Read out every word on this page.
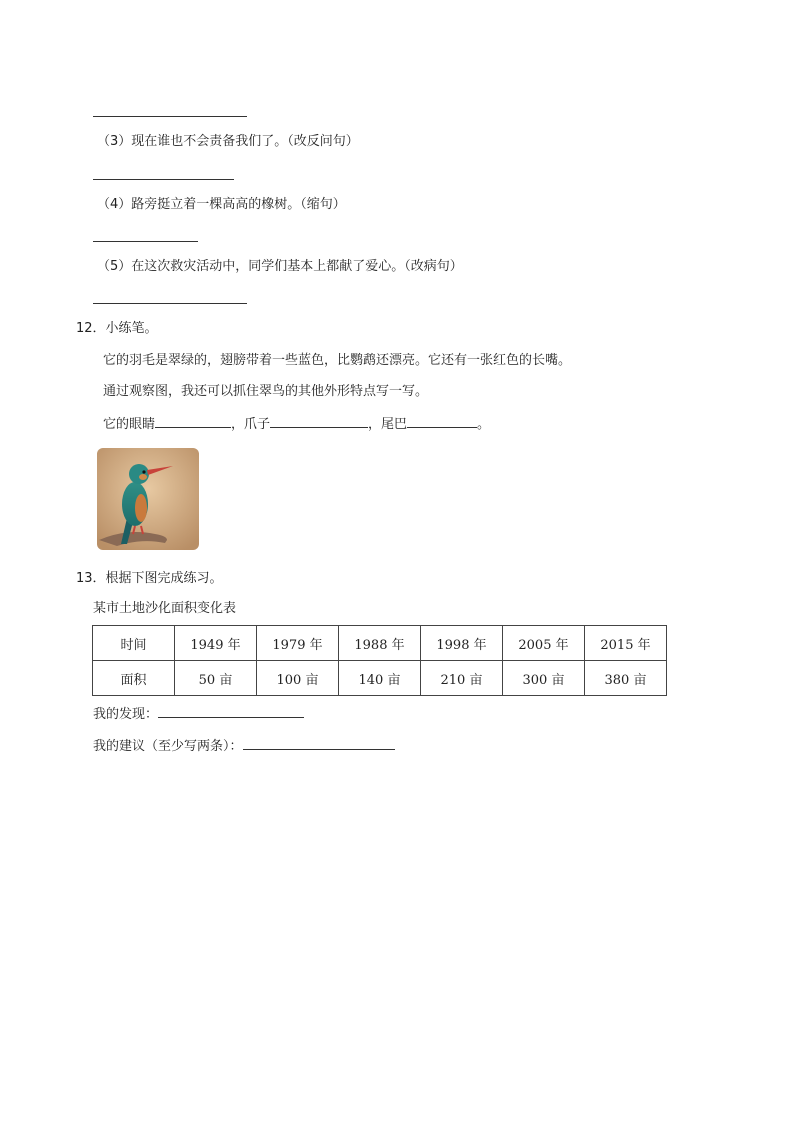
（3）现在谁也不会责备我们了。（改反问句）
（4）路旁挺立着一棵高高的橡树。（缩句）
（5）在这次救灾活动中，同学们基本上都献了爱心。（改病句）
12．小练笔。
它的羽毛是翠绿的，翅膀带着一些蓝色，比鹦鹉还漂亮。它还有一张红色的长嘴。
通过观察图，我还可以抓住翠鸟的其他外形特点写一写。
它的眼睛	，爪子	，尾巴	。
13．根据下图完成练习。
某市土地沙化面积变化表
时间	1949 年	1979 年	1988 年	1998 年	2005 年	2015 年
面积	50 亩	100 亩	140 亩	210 亩	300 亩	380 亩
我的发现：
我的建议（至少写两条）：
